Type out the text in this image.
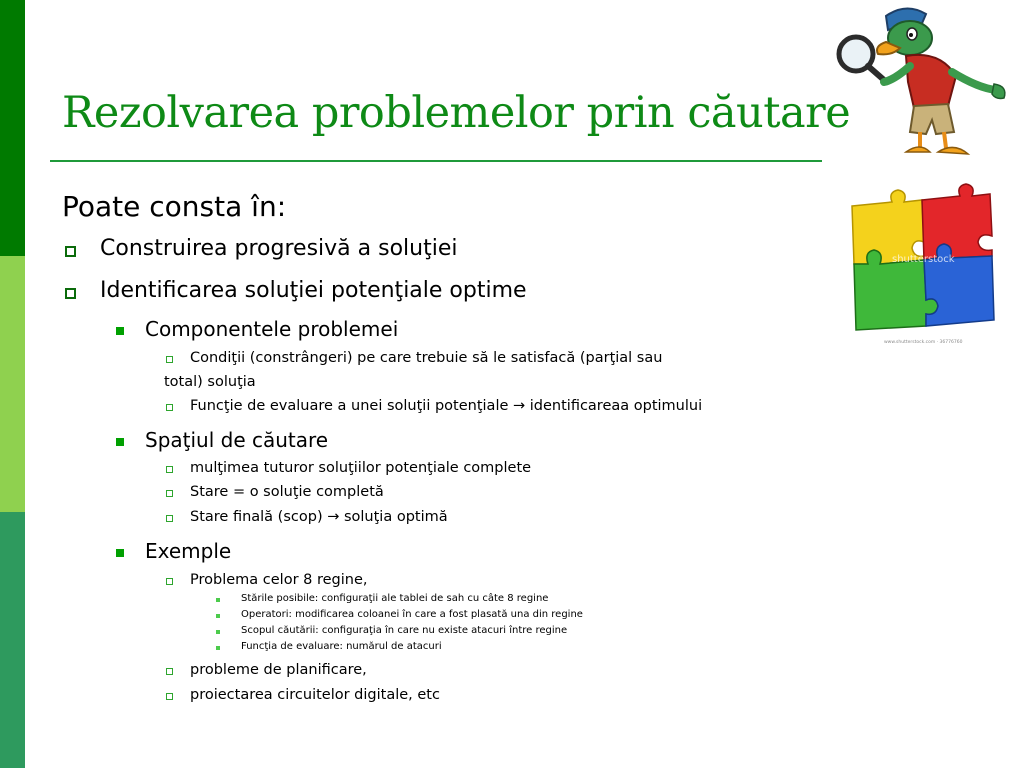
Rezolvarea problemelor prin căutare
Poate consta în:
Construirea progresivă a soluţiei
Identificarea soluţiei potenţiale optime
Componentele problemei
Condiţii (constrângeri) pe care trebuie să le satisfacă (parţial sau
total) soluţia
Funcţie de evaluare a unei soluţii potenţiale → identificareaa optimului
Spaţiul de căutare
mulţimea tuturor soluţiilor potenţiale complete
Stare = o soluţie completă
Stare finală (scop) → soluţia optimă
Exemple
Problema celor 8 regine,
Stările posibile: configuraţii ale tablei de sah cu câte 8 regine
Operatori: modificarea coloanei în care a fost plasată una din regine
Scopul căutării: configuraţia în care nu existe atacuri între regine
Funcţia de evaluare: numărul de atacuri
probleme de planificare,
proiectarea circuitelor digitale, etc
shutterstock
www.shutterstock.com · 36776760
